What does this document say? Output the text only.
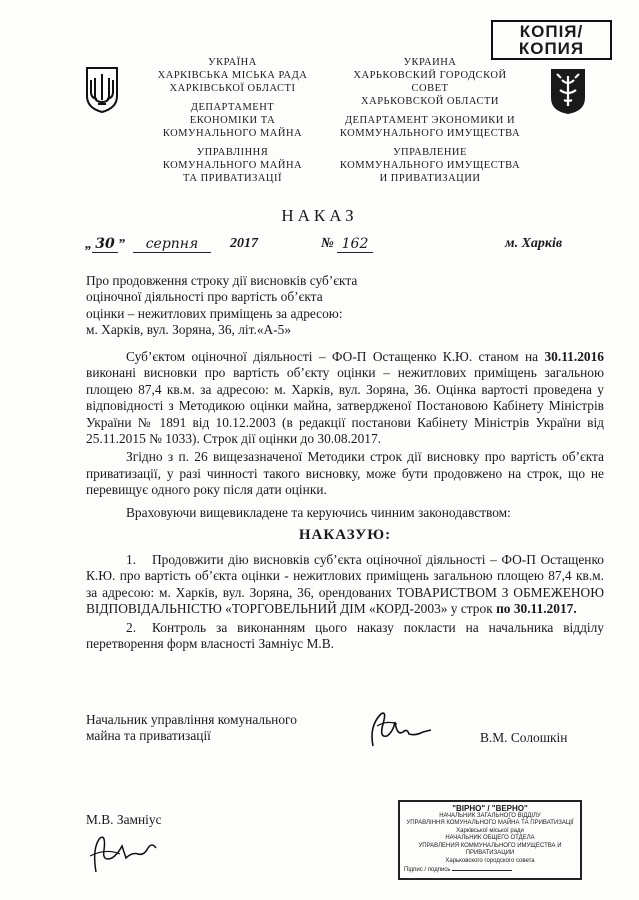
УКРАЇНА
ХАРКІВСЬКА МІСЬКА РАДА
ХАРКІВСЬКОЇ ОБЛАСТІ
ДЕПАРТАМЕНТ
ЕКОНОМІКИ ТА
КОМУНАЛЬНОГО МАЙНА
УПРАВЛІННЯ
КОМУНАЛЬНОГО МАЙНА
ТА ПРИВАТИЗАЦІЇ
УКРАИНА
ХАРЬКОВСКИЙ ГОРОДСКОЙ
СОВЕТ
ХАРЬКОВСКОЙ ОБЛАСТИ
ДЕПАРТАМЕНТ ЭКОНОМИКИ И
КОММУНАЛЬНОГО ИМУЩЕСТВА
УПРАВЛЕНИЕ
КОММУНАЛЬНОГО ИМУЩЕСТВА
И ПРИВАТИЗАЦИИ
КОПІЯ/
КОПИЯ
НАКАЗ
„ 30 ”	серпня	2017	№ 162	м. Харків
Про продовження строку дії висновків суб’єкта
оціночної діяльності про вартість об’єкта
оцінки – нежитлових приміщень за адресою:
м. Харків, вул. Зоряна, 36, літ.«А-5»
Суб’єктом оціночної діяльності – ФО-П Остащенко К.Ю. станом на 30.11.2016 виконані висновки про вартість об’єкту оцінки – нежитлових приміщень загальною площею 87,4 кв.м. за адресою: м. Харків, вул. Зоряна, 36. Оцінка вартості проведена у відповідності з Методикою оцінки майна, затвердженої Постановою Кабінету Міністрів України № 1891 від 10.12.2003 (в редакції постанови Кабінету Міністрів України від 25.11.2015 № 1033). Строк дії оцінки до 30.08.2017.
Згідно з п. 26 вищезазначеної Методики строк дії висновку про вартість об’єкта приватизації, у разі чинності такого висновку, може бути продовжено на строк, що не перевищує одного року після дати оцінки.
Враховуючи вищевикладене та керуючись чинним законодавством:
НАКАЗУЮ:
1. Продовжити дію висновків суб’єкта оціночної діяльності – ФО-П Остащенко К.Ю. про вартість об’єкта оцінки - нежитлових приміщень загальною площею 87,4 кв.м. за адресою: м. Харків, вул. Зоряна, 36, орендованих ТОВАРИСТВОМ З ОБМЕЖЕНОЮ ВІДПОВІДАЛЬНІСТЮ «ТОРГОВЕЛЬНИЙ ДІМ «КОРД-2003» у строк по 30.11.2017.
2. Контроль за виконанням цього наказу покласти на начальника відділу перетворення форм власності Замніус М.В.
Начальник управління комунального
майна та приватизації	В.М. Солошкін
М.В. Замніус
"ВІРНО" / "ВЕРНО"
НАЧАЛЬНИК ЗАГАЛЬНОГО ВІДДІЛУ
УПРАВЛІННЯ КОМУНАЛЬНОГО МАЙНА ТА ПРИВАТИЗАЦІЇ
Харківської міської ради
НАЧАЛЬНИК ОБЩЕГО ОТДЕЛА
УПРАВЛЕНИЯ КОММУНАЛЬНОГО ИМУЩЕСТВА И ПРИВАТИЗАЦИИ
Харьковского городского совета
Підпис / подпись
